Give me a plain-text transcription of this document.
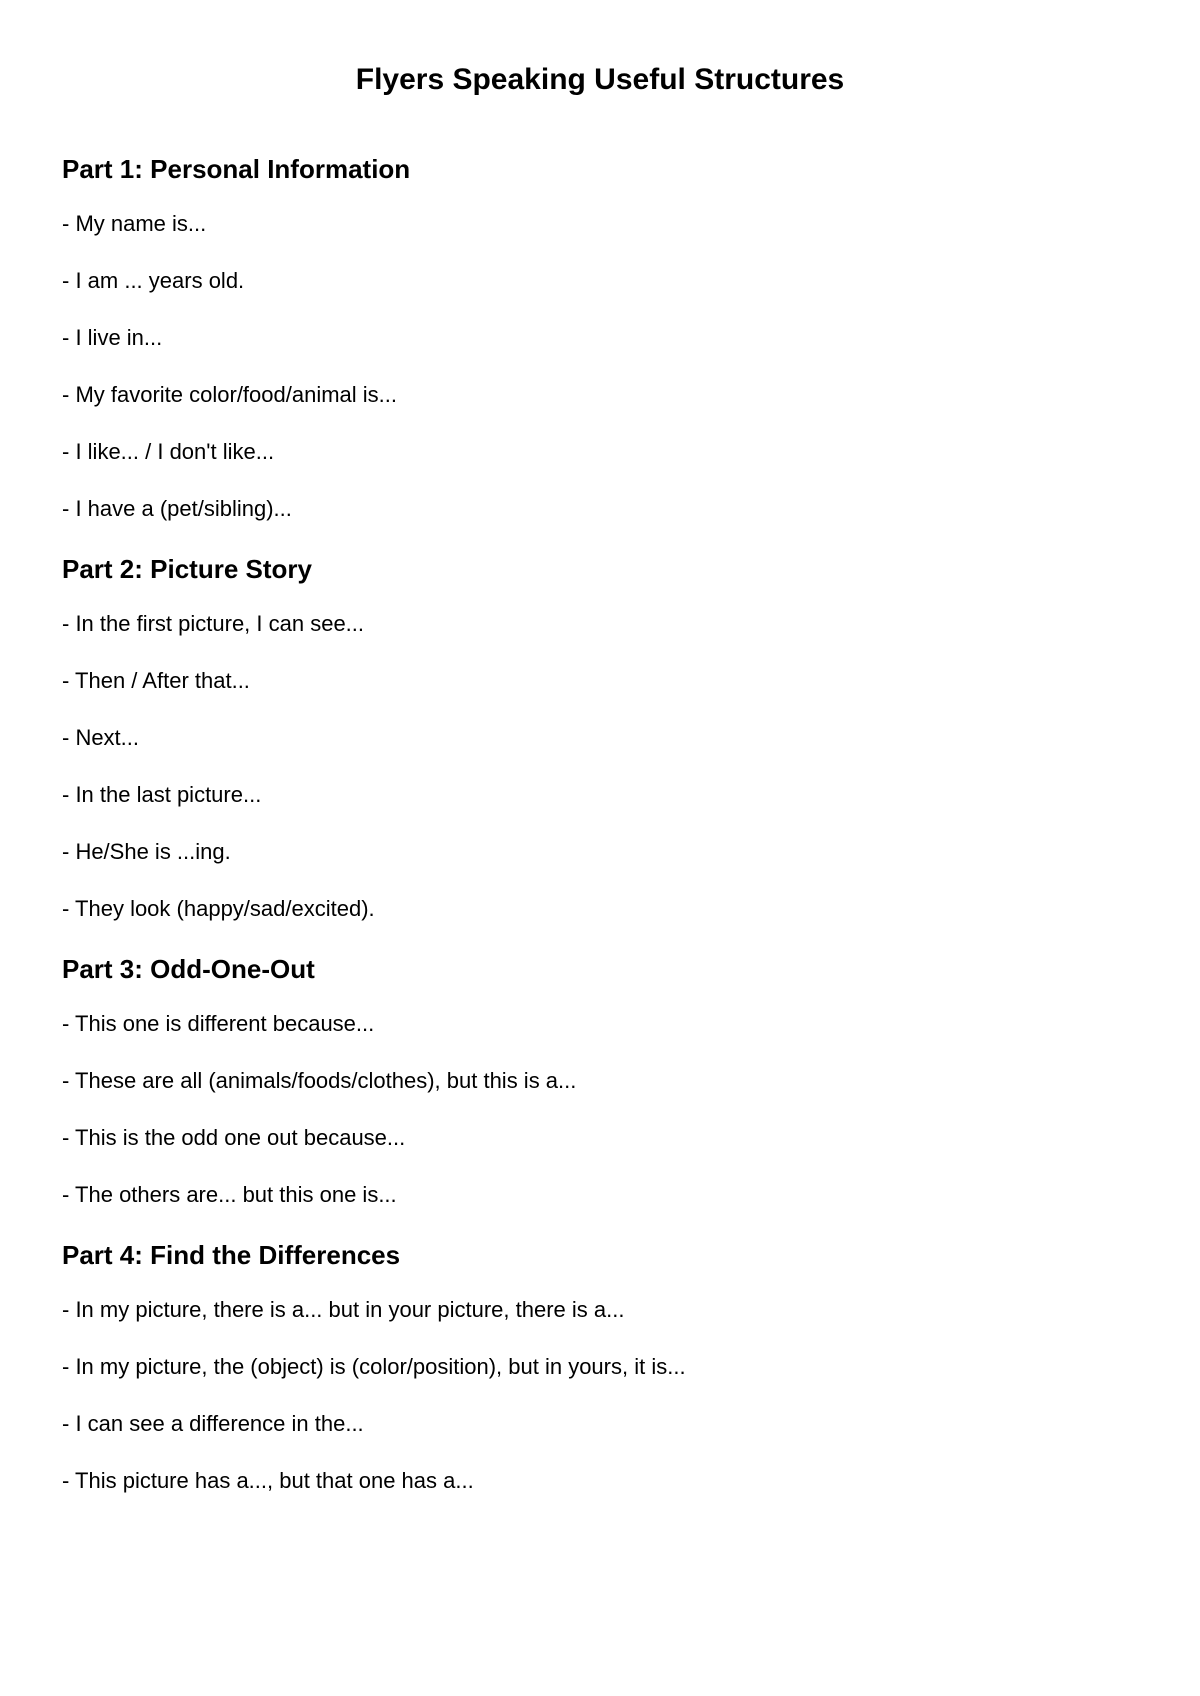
Flyers Speaking Useful Structures
Part 1: Personal Information
- My name is...
- I am ... years old.
- I live in...
- My favorite color/food/animal is...
- I like... / I don't like...
- I have a (pet/sibling)...
Part 2: Picture Story
- In the first picture, I can see...
- Then / After that...
- Next...
- In the last picture...
- He/She is ...ing.
- They look (happy/sad/excited).
Part 3: Odd-One-Out
- This one is different because...
- These are all (animals/foods/clothes), but this is a...
- This is the odd one out because...
- The others are... but this one is...
Part 4: Find the Differences
- In my picture, there is a... but in your picture, there is a...
- In my picture, the (object) is (color/position), but in yours, it is...
- I can see a difference in the...
- This picture has a..., but that one has a...
